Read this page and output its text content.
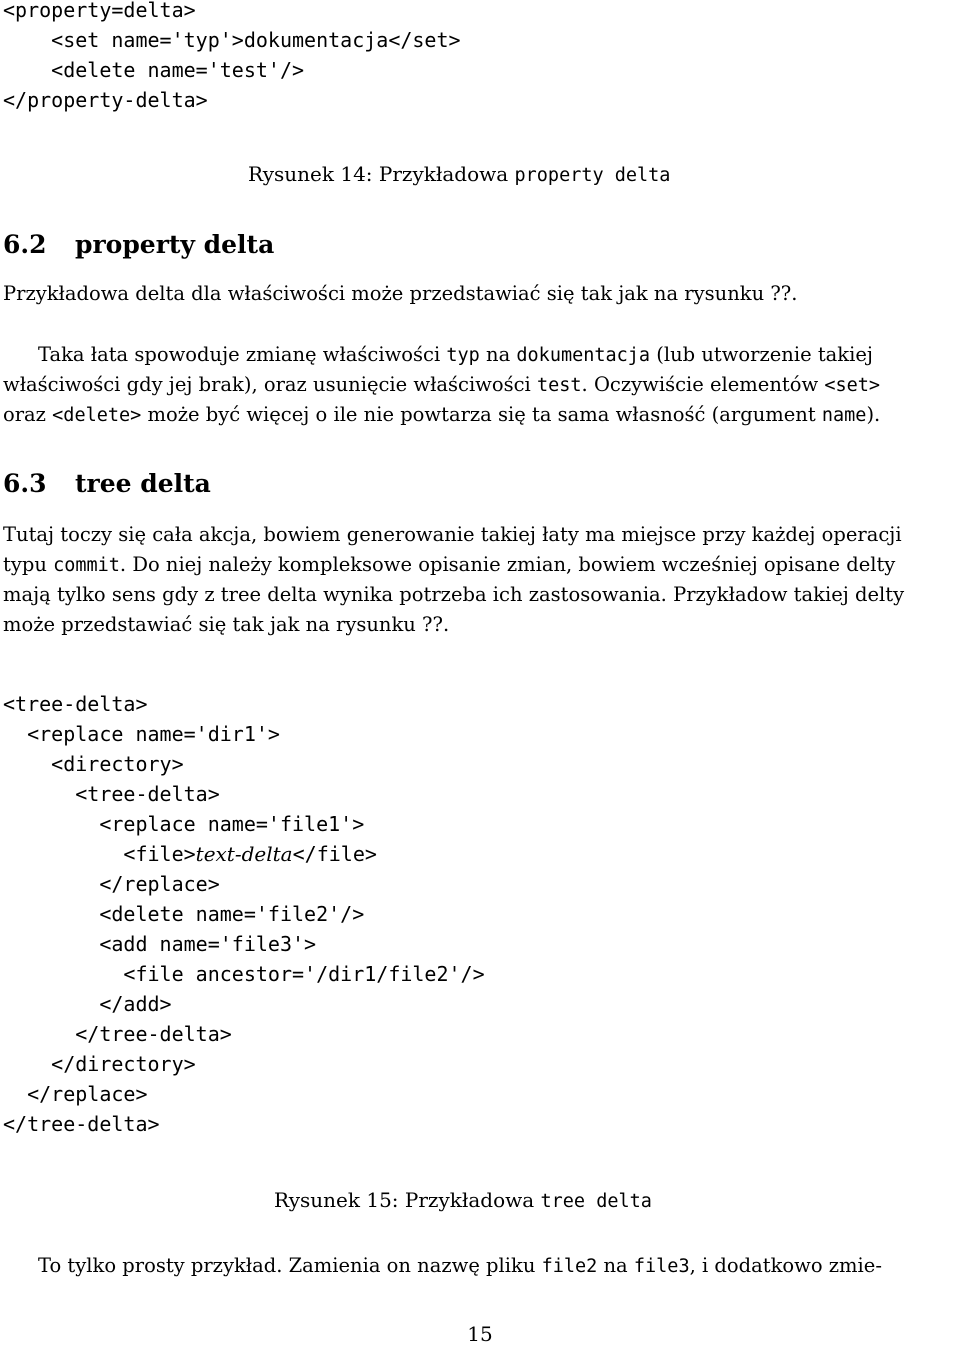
<property=delta>
<set name='typ'>dokumentacja</set>
<delete name='test'/>
</property-delta>
Rysunek 14: Przykładowa property delta
6.2 property delta
Przykładowa delta dla właściwości może przedstawiać się tak jak na rysunku ??.
Taka łata spowoduje zmianę właściwości typ na dokumentacja (lub utworzenie takiej
właściwości gdy jej brak), oraz usunięcie właściwości test. Oczywiście elementów <set>
oraz <delete> może być więcej o ile nie powtarza się ta sama własność (argument name).
6.3 tree delta
Tutaj toczy się cała akcja, bowiem generowanie takiej łaty ma miejsce przy każdej operacji
typu commit. Do niej należy kompleksowe opisanie zmian, bowiem wcześniej opisane delty
mają tylko sens gdy z tree delta wynika potrzeba ich zastosowania. Przykładow takiej delty
może przedstawiać się tak jak na rysunku ??.
<tree-delta>
<replace name='dir1'>
<directory>
<tree-delta>
<replace name='file1'>
<file>text-delta</file>
</replace>
<delete name='file2'/>
<add name='file3'>
<file ancestor='/dir1/file2'/>
</add>
</tree-delta>
</directory>
</replace>
</tree-delta>
Rysunek 15: Przykładowa tree delta
To tylko prosty przykład. Zamienia on nazwę pliku file2 na file3, i dodatkowo zmie-
15
